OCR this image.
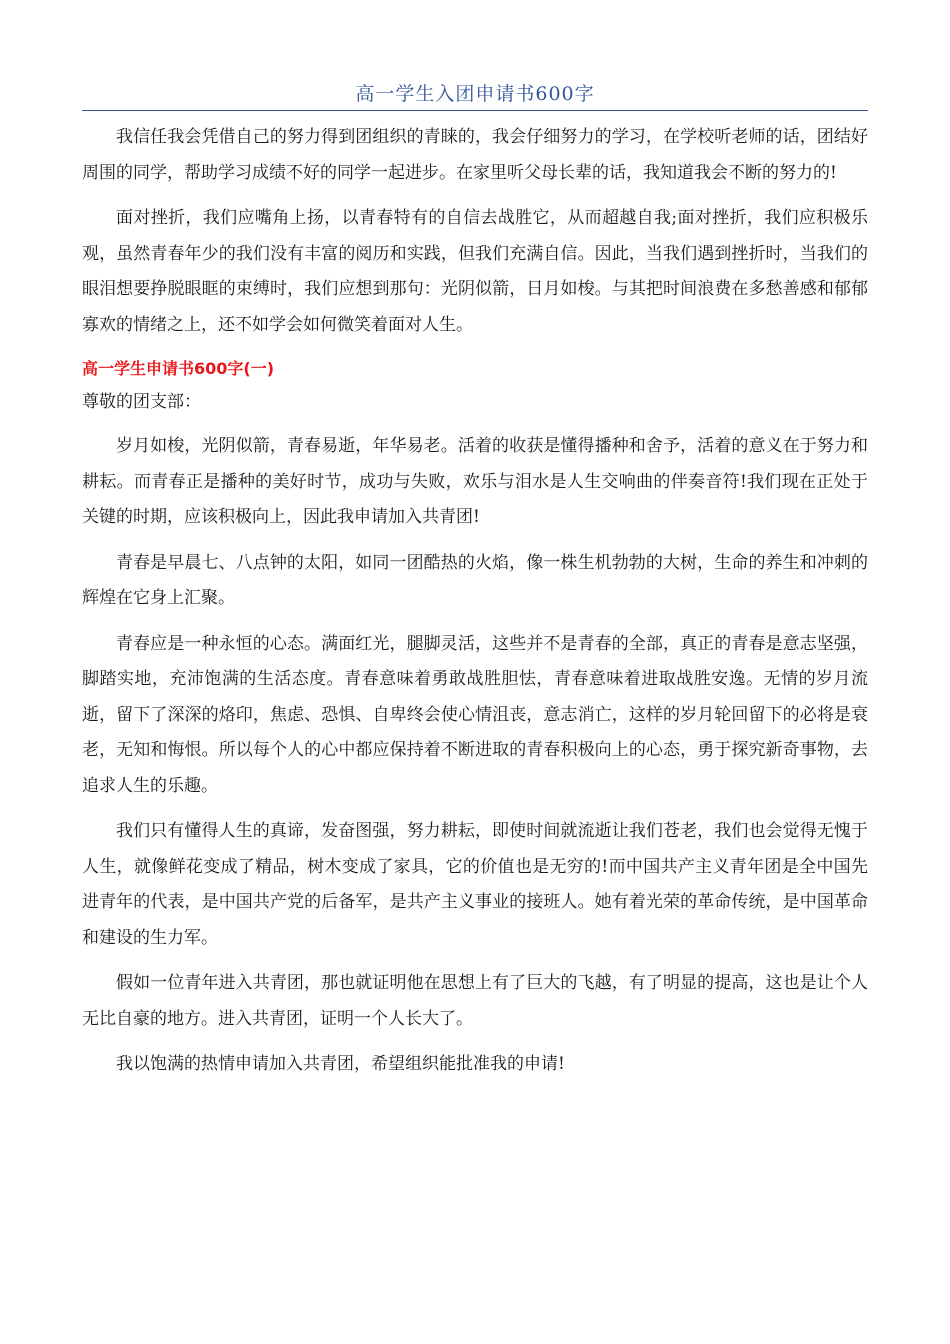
高一学生入团申请书600字

我信任我会凭借自己的努力得到团组织的青睐的，我会仔细努力的学习，在学校听老师的话，团结好周围的同学，帮助学习成绩不好的同学一起进步。在家里听父母长辈的话，我知道我会不断的努力的!

面对挫折，我们应嘴角上扬，以青春特有的自信去战胜它，从而超越自我;面对挫折，我们应积极乐观，虽然青春年少的我们没有丰富的阅历和实践，但我们充满自信。因此，当我们遇到挫折时，当我们的眼泪想要挣脱眼眶的束缚时，我们应想到那句：光阴似箭，日月如梭。与其把时间浪费在多愁善感和郁郁寡欢的情绪之上，还不如学会如何微笑着面对人生。

高一学生申请书600字(一)

尊敬的团支部：

岁月如梭，光阴似箭，青春易逝，年华易老。活着的收获是懂得播种和舍予，活着的意义在于努力和耕耘。而青春正是播种的美好时节，成功与失败，欢乐与泪水是人生交响曲的伴奏音符!我们现在正处于关键的时期，应该积极向上，因此我申请加入共青团!

青春是早晨七、八点钟的太阳，如同一团酷热的火焰，像一株生机勃勃的大树，生命的养生和冲刺的辉煌在它身上汇聚。

青春应是一种永恒的心态。满面红光，腿脚灵活，这些并不是青春的全部，真正的青春是意志坚强，脚踏实地，充沛饱满的生活态度。青春意味着勇敢战胜胆怯，青春意味着进取战胜安逸。无情的岁月流逝，留下了深深的烙印，焦虑、恐惧、自卑终会使心情沮丧，意志消亡，这样的岁月轮回留下的必将是衰老，无知和悔恨。所以每个人的心中都应保持着不断进取的青春积极向上的心态，勇于探究新奇事物，去追求人生的乐趣。

我们只有懂得人生的真谛，发奋图强，努力耕耘，即使时间就流逝让我们苍老，我们也会觉得无愧于人生，就像鲜花变成了精品，树木变成了家具，它的价值也是无穷的!而中国共产主义青年团是全中国先进青年的代表，是中国共产党的后备军，是共产主义事业的接班人。她有着光荣的革命传统，是中国革命和建设的生力军。

假如一位青年进入共青团，那也就证明他在思想上有了巨大的飞越，有了明显的提高，这也是让个人无比自豪的地方。进入共青团，证明一个人长大了。

我以饱满的热情申请加入共青团，希望组织能批准我的申请!
